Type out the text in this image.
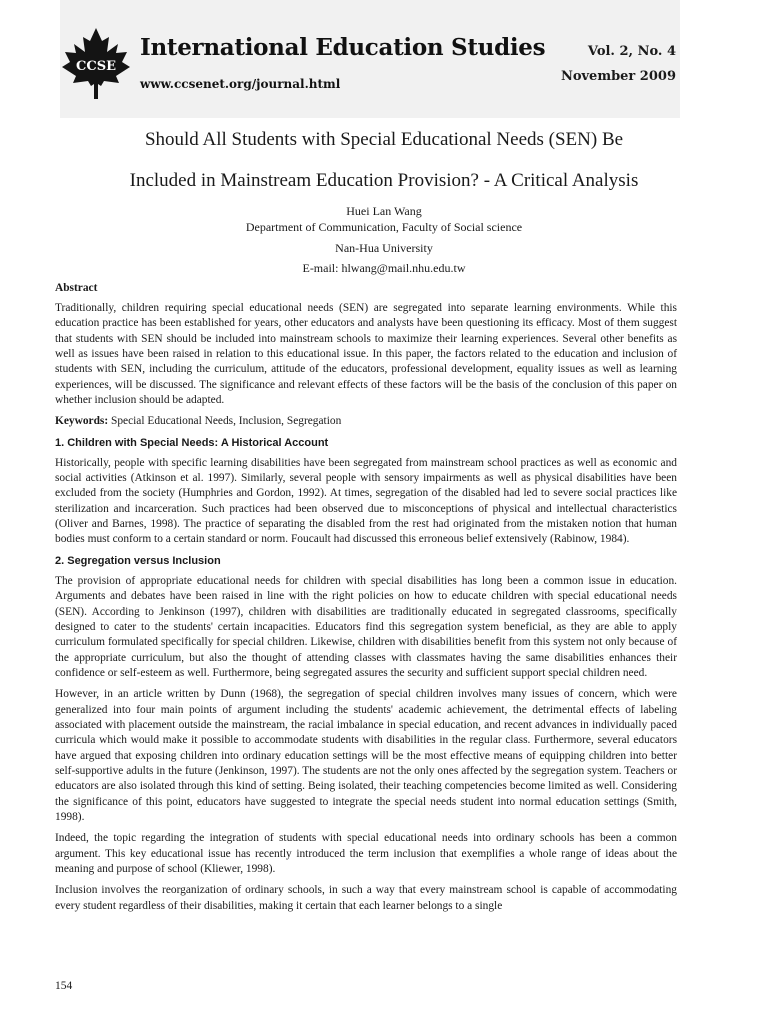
CCSE
International Education Studies
www.ccsenet.org/journal.html
Vol. 2, No. 4
November 2009
Should All Students with Special Educational Needs (SEN) Be
Included in Mainstream Education Provision? - A Critical Analysis
Huei Lan Wang
Department of Communication, Faculty of Social science
Nan-Hua University
E-mail: hlwang@mail.nhu.edu.tw
Abstract

Traditionally, children requiring special educational needs (SEN) are segregated into separate learning environments. While this education practice has been established for years, other educators and analysts have been questioning its efficacy. Most of them suggest that students with SEN should be included into mainstream schools to maximize their learning experiences. Several other benefits as well as issues have been raised in relation to this educational issue. In this paper, the factors related to the education and inclusion of students with SEN, including the curriculum, attitude of the educators, professional development, equality issues as well as learning experiences, will be discussed. The significance and relevant effects of these factors will be the basis of the conclusion of this paper on whether inclusion should be adapted.

Keywords: Special Educational Needs, Inclusion, Segregation
1. Children with Special Needs: A Historical Account

Historically, people with specific learning disabilities have been segregated from mainstream school practices as well as economic and social activities (Atkinson et al. 1997). Similarly, several people with sensory impairments as well as physical disabilities have been excluded from the society (Humphries and Gordon, 1992). At times, segregation of the disabled had led to severe social practices like sterilization and incarceration. Such practices had been observed due to misconceptions of physical and intellectual characteristics (Oliver and Barnes, 1998). The practice of separating the disabled from the rest had originated from the mistaken notion that human bodies must conform to a certain standard or norm. Foucault had discussed this erroneous belief extensively (Rabinow, 1984).

2. Segregation versus Inclusion

The provision of appropriate educational needs for children with special disabilities has long been a common issue in education. Arguments and debates have been raised in line with the right policies on how to educate children with special educational needs (SEN). According to Jenkinson (1997), children with disabilities are traditionally educated in segregated classrooms, specifically designed to cater to the students' certain incapacities. Educators find this segregation system beneficial, as they are able to apply curriculum formulated specifically for special children. Likewise, children with disabilities benefit from this system not only because of the appropriate curriculum, but also the thought of attending classes with classmates having the same disabilities enhances their confidence or self-esteem as well. Furthermore, being segregated assures the security and sufficient support special children need.

However, in an article written by Dunn (1968), the segregation of special children involves many issues of concern, which were generalized into four main points of argument including the students' academic achievement, the detrimental effects of labeling associated with placement outside the mainstream, the racial imbalance in special education, and recent advances in individually paced curricula which would make it possible to accommodate students with disabilities in the regular class. Furthermore, several educators have argued that exposing children into ordinary education settings will be the most effective means of equipping children into better self-supportive adults in the future (Jenkinson, 1997). The students are not the only ones affected by the segregation system. Teachers or educators are also isolated through this kind of setting. Being isolated, their teaching competencies become limited as well. Considering the significance of this point, educators have suggested to integrate the special needs student into normal education settings (Smith, 1998).

Indeed, the topic regarding the integration of students with special educational needs into ordinary schools has been a common argument. This key educational issue has recently introduced the term inclusion that exemplifies a whole range of ideas about the meaning and purpose of school (Kliewer, 1998).

Inclusion involves the reorganization of ordinary schools, in such a way that every mainstream school is capable of accommodating every student regardless of their disabilities, making it certain that each learner belongs to a single

154
